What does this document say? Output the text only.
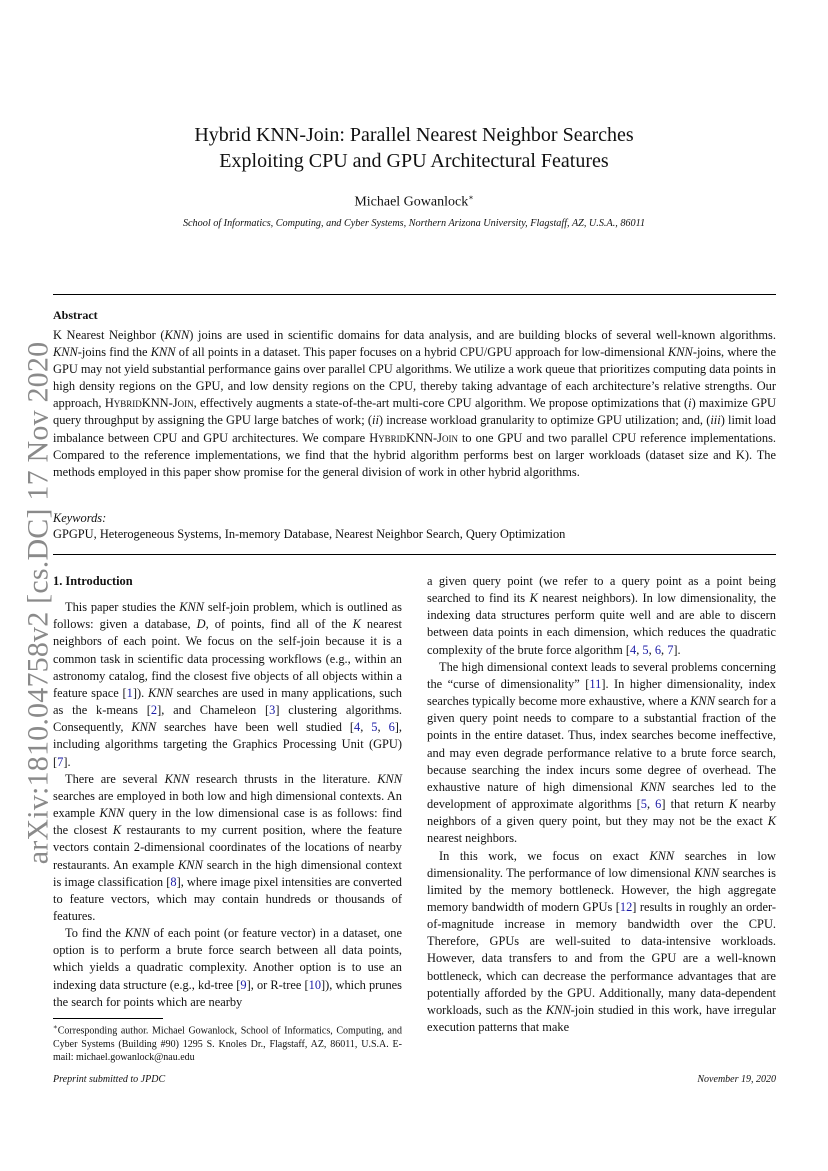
arXiv:1810.04758v2 [cs.DC] 17 Nov 2020
Hybrid KNN-Join: Parallel Nearest Neighbor Searches
Exploiting CPU and GPU Architectural Features
Michael Gowanlock∗
School of Informatics, Computing, and Cyber Systems, Northern Arizona University, Flagstaff, AZ, U.S.A., 86011
Abstract
K Nearest Neighbor (KNN) joins are used in scientific domains for data analysis, and are building blocks of several well-known algorithms. KNN-joins find the KNN of all points in a dataset. This paper focuses on a hybrid CPU/GPU approach for low-dimensional KNN-joins, where the GPU may not yield substantial performance gains over parallel CPU algorithms. We utilize a work queue that prioritizes computing data points in high density regions on the GPU, and low density regions on the CPU, thereby taking advantage of each architecture’s relative strengths. Our approach, HybridKNN-Join, effectively augments a state-of-the-art multi-core CPU algorithm. We propose optimizations that (i) maximize GPU query throughput by assigning the GPU large batches of work; (ii) increase workload granularity to optimize GPU utilization; and, (iii) limit load imbalance between CPU and GPU architectures. We compare HybridKNN-Join to one GPU and two parallel CPU reference implementations. Compared to the reference implementations, we find that the hybrid algorithm performs best on larger workloads (dataset size and K). The methods employed in this paper show promise for the general division of work in other hybrid algorithms.
Keywords:
GPGPU, Heterogeneous Systems, In-memory Database, Nearest Neighbor Search, Query Optimization
1. Introduction

This paper studies the KNN self-join problem, which is outlined as follows: given a database, D, of points, find all of the K nearest neighbors of each point. We focus on the self-join because it is a common task in scientific data processing workflows (e.g., within an astronomy catalog, find the closest five objects of all objects within a feature space [1]). KNN searches are used in many applications, such as the k-means [2], and Chameleon [3] clustering algorithms. Consequently, KNN searches have been well studied [4, 5, 6], including algorithms targeting the Graphics Processing Unit (GPU) [7].

There are several KNN research thrusts in the literature. KNN searches are employed in both low and high dimensional contexts. An example KNN query in the low dimensional case is as follows: find the closest K restaurants to my current position, where the feature vectors contain 2-dimensional coordinates of the locations of nearby restaurants. An example KNN search in the high dimensional context is image classification [8], where image pixel intensities are converted to feature vectors, which may contain hundreds or thousands of features.

To find the KNN of each point (or feature vector) in a dataset, one option is to perform a brute force search between all data points, which yields a quadratic complexity. Another option is to use an indexing data structure (e.g., kd-tree [9], or R-tree [10]), which prunes the search for points which are nearby

∗Corresponding author. Michael Gowanlock, School of Informatics, Computing, and Cyber Systems (Building #90) 1295 S. Knoles Dr., Flagstaff, AZ, 86011, U.S.A. E-mail: michael.gowanlock@nau.edu

a given query point (we refer to a query point as a point being searched to find its K nearest neighbors). In low dimensionality, the indexing data structures perform quite well and are able to discern between data points in each dimension, which reduces the quadratic complexity of the brute force algorithm [4, 5, 6, 7].

The high dimensional context leads to several problems concerning the “curse of dimensionality” [11]. In higher dimensionality, index searches typically become more exhaustive, where a KNN search for a given query point needs to compare to a substantial fraction of the points in the entire dataset. Thus, index searches become ineffective, and may even degrade performance relative to a brute force search, because searching the index incurs some degree of overhead. The exhaustive nature of high dimensional KNN searches led to the development of approximate algorithms [5, 6] that return K nearby neighbors of a given query point, but they may not be the exact K nearest neighbors.

In this work, we focus on exact KNN searches in low dimensionality. The performance of low dimensional KNN searches is limited by the memory bottleneck. However, the high aggregate memory bandwidth of modern GPUs [12] results in roughly an order-of-magnitude increase in memory bandwidth over the CPU. Therefore, GPUs are well-suited to data-intensive workloads. However, data transfers to and from the GPU are a well-known bottleneck, which can decrease the performance advantages that are potentially afforded by the GPU. Additionally, many data-dependent workloads, such as the KNN-join studied in this work, have irregular execution patterns that make

Preprint submitted to JPDC	November 19, 2020
